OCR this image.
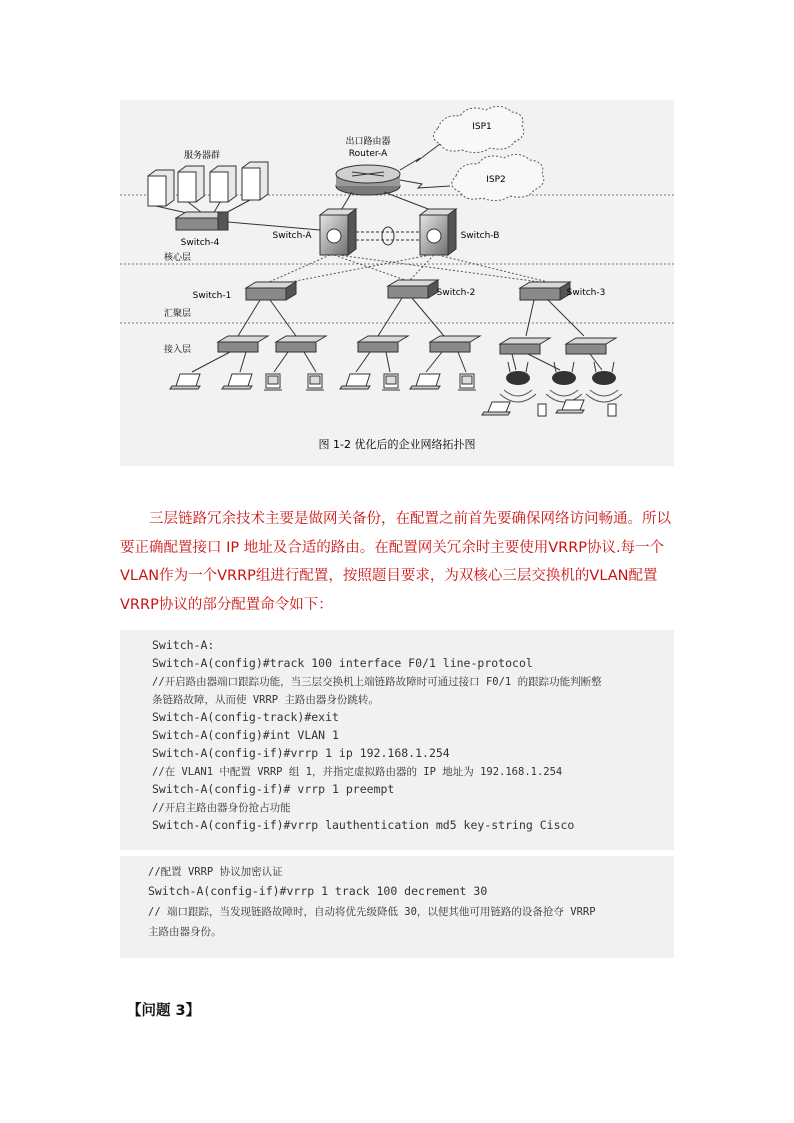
ISP1
ISP2
出口路由器
Router-A
服务器群
Switch-4
Switch-A	Switch-B
核心层
Switch-1	Switch-2	Switch-3
汇聚层
接入层
图 1-2 优化后的企业网络拓扑图

三层链路冗余技术主要是做网关备份，在配置之前首先要确保网络访问畅通。所以要正确配置接口 IP 地址及合适的路由。在配置网关冗余时主要使用VRRP协议.每一个VLAN作为一个VRRP组进行配置，按照题目要求，为双核心三层交换机的VLAN配置VRRP协议的部分配置命令如下：

Switch-A:
Switch-A(config)#track 100 interface F0/1 line-protocol
//开启路由器端口跟踪功能，当三层交换机上端链路故障时可通过接口 F0/1 的跟踪功能判断整
条链路故障，从而使 VRRP 主路由器身份跳转。
Switch-A(config-track)#exit
Switch-A(config)#int VLAN 1
Switch-A(config-if)#vrrp 1 ip 192.168.1.254
//在 VLAN1 中配置 VRRP 组 1，并指定虚拟路由器的 IP 地址为 192.168.1.254
Switch-A(config-if)# vrrp 1 preempt
//开启主路由器身份抢占功能
Switch-A(config-if)#vrrp lauthentication md5 key-string Cisco
//配置 VRRP 协议加密认证
Switch-A(config-if)#vrrp 1 track 100 decrement 30
// 端口跟踪，当发现链路故障时，自动将优先级降低 30，以便其他可用链路的设备抢夺 VRRP
主路由器身份。
【问题 3】
